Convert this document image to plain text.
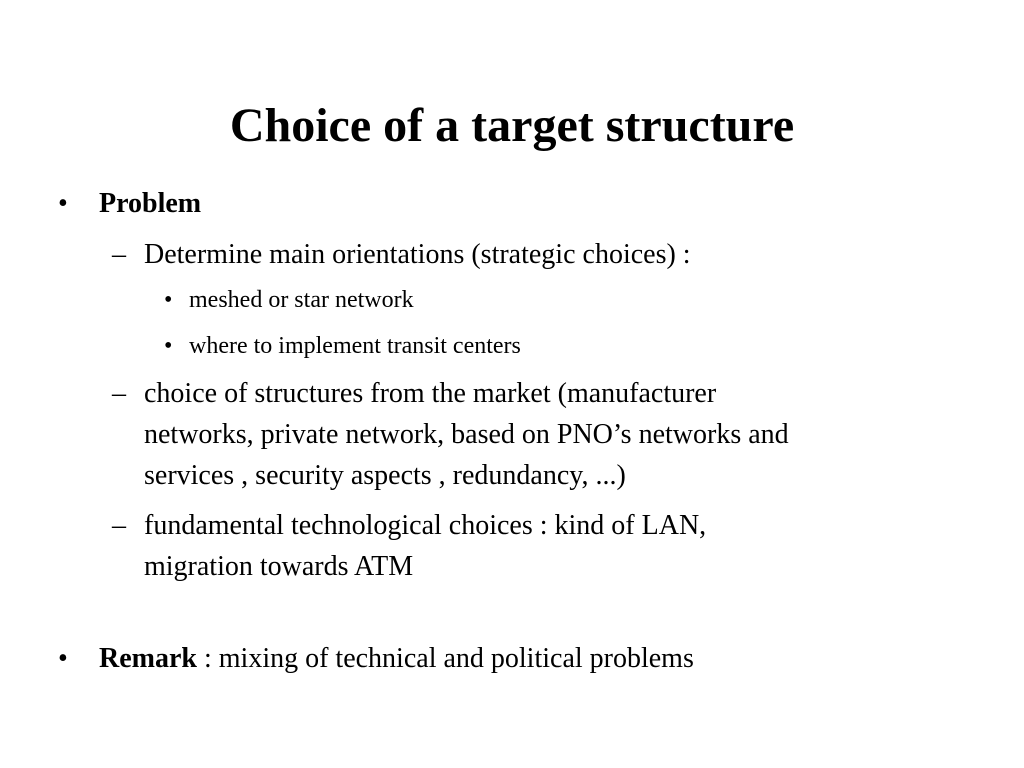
Choice of a target structure
•	Problem
– Determine main orientations (strategic choices) :
• meshed or star network
• where to implement transit centers
– choice of structures from the market (manufacturer
networks, private network, based on PNO’s networks and
services , security aspects , redundancy, ...)
– fundamental technological choices : kind of LAN,
migration towards ATM
•	Remark : mixing of technical and political problems
